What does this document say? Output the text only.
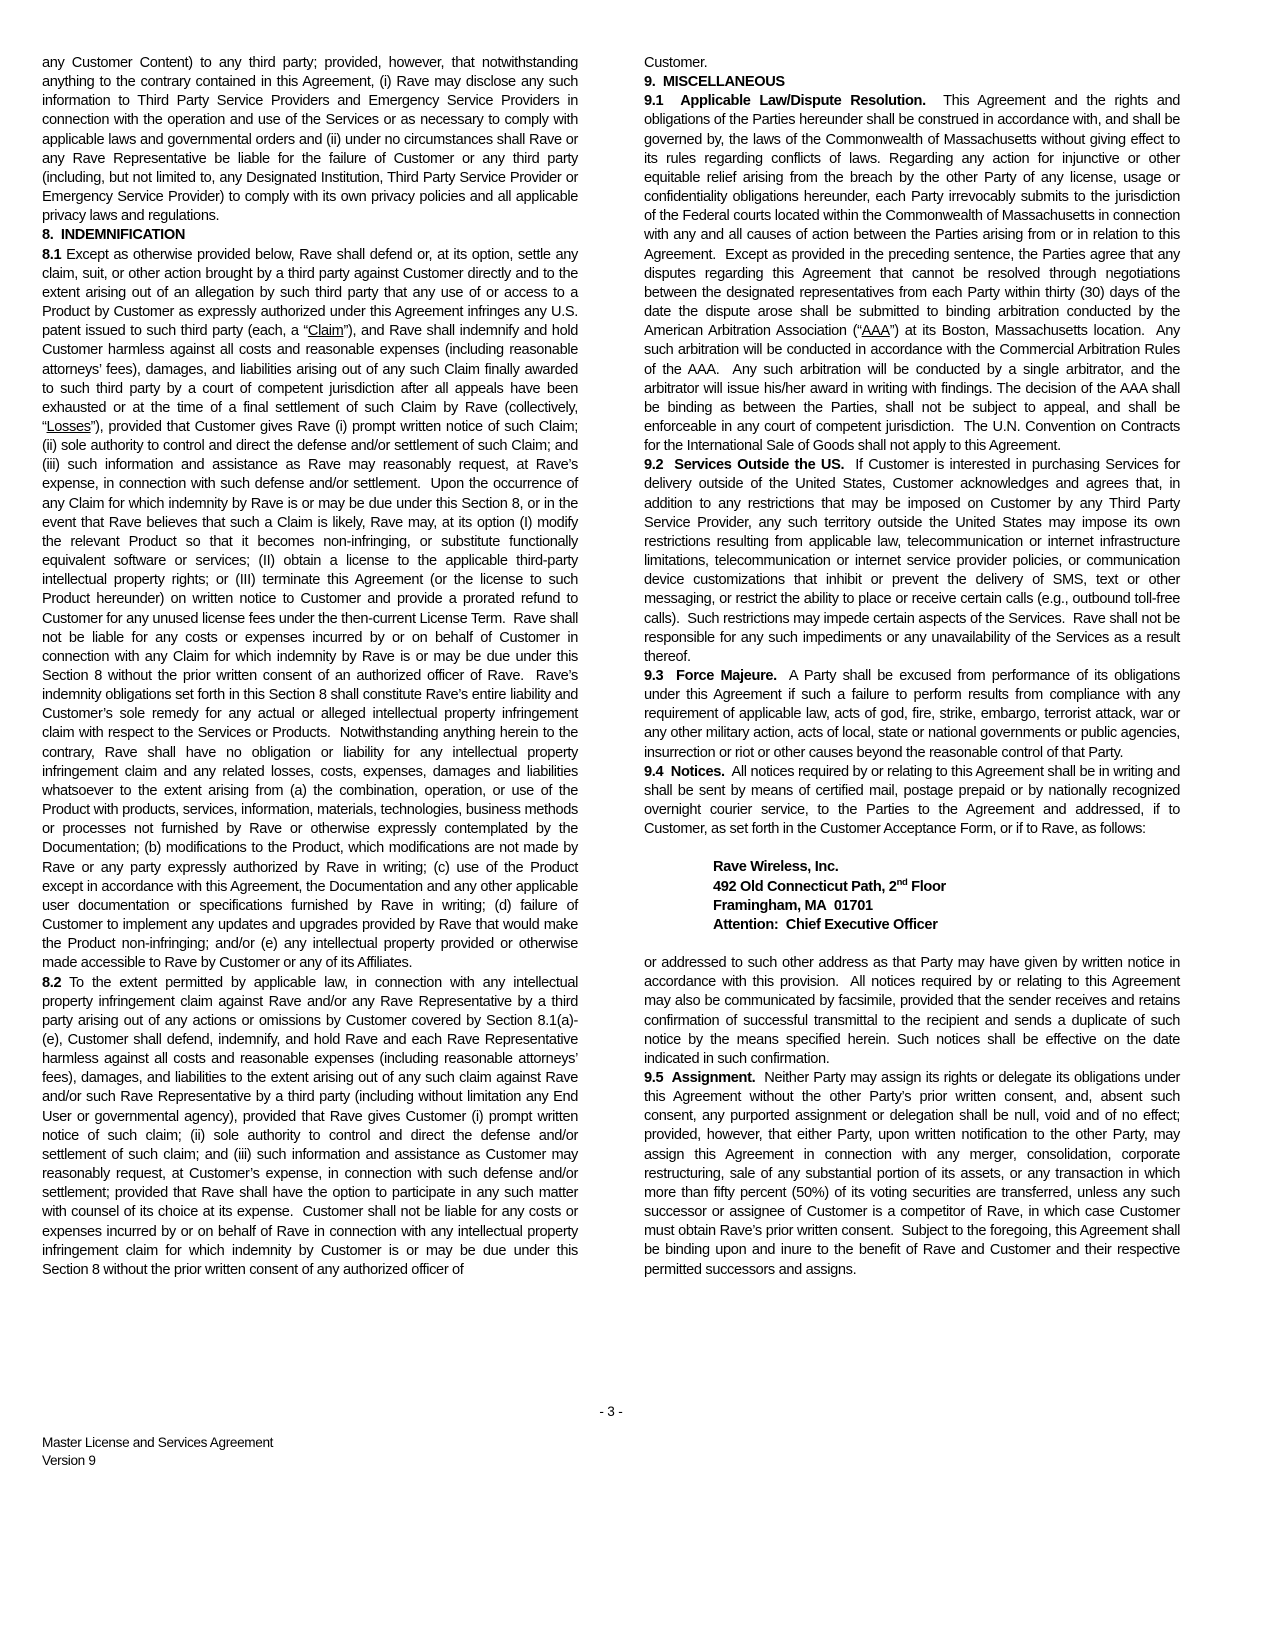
any Customer Content) to any third party; provided, however, that notwithstanding anything to the contrary contained in this Agreement, (i) Rave may disclose any such information to Third Party Service Providers and Emergency Service Providers in connection with the operation and use of the Services or as necessary to comply with applicable laws and governmental orders and (ii) under no circumstances shall Rave or any Rave Representative be liable for the failure of Customer or any third party (including, but not limited to, any Designated Institution, Third Party Service Provider or Emergency Service Provider) to comply with its own privacy policies and all applicable privacy laws and regulations.

8.  INDEMNIFICATION

8.1 Except as otherwise provided below, Rave shall defend or, at its option, settle any claim, suit, or other action brought by a third party against Customer directly and to the extent arising out of an allegation by such third party that any use of or access to a Product by Customer as expressly authorized under this Agreement infringes any U.S. patent issued to such third party (each, a “Claim”), and Rave shall indemnify and hold Customer harmless against all costs and reasonable expenses (including reasonable attorneys’ fees), damages, and liabilities arising out of any such Claim finally awarded to such third party by a court of competent jurisdiction after all appeals have been exhausted or at the time of a final settlement of such Claim by Rave (collectively, “Losses”), provided that Customer gives Rave (i) prompt written notice of such Claim; (ii) sole authority to control and direct the defense and/or settlement of such Claim; and (iii) such information and assistance as Rave may reasonably request, at Rave’s expense, in connection with such defense and/or settlement.  Upon the occurrence of any Claim for which indemnity by Rave is or may be due under this Section 8, or in the event that Rave believes that such a Claim is likely, Rave may, at its option (I) modify the relevant Product so that it becomes non-infringing, or substitute functionally equivalent software or services; (II) obtain a license to the applicable third-party intellectual property rights; or (III) terminate this Agreement (or the license to such Product hereunder) on written notice to Customer and provide a prorated refund to Customer for any unused license fees under the then-current License Term.  Rave shall not be liable for any costs or expenses incurred by or on behalf of Customer in connection with any Claim for which indemnity by Rave is or may be due under this Section 8 without the prior written consent of an authorized officer of Rave.  Rave’s indemnity obligations set forth in this Section 8 shall constitute Rave’s entire liability and Customer’s sole remedy for any actual or alleged intellectual property infringement claim with respect to the Services or Products.  Notwithstanding anything herein to the contrary, Rave shall have no obligation or liability for any intellectual property infringement claim and any related losses, costs, expenses, damages and liabilities whatsoever to the extent arising from (a) the combination, operation, or use of the Product with products, services, information, materials, technologies, business methods or processes not furnished by Rave or otherwise expressly contemplated by the Documentation; (b) modifications to the Product, which modifications are not made by Rave or any party expressly authorized by Rave in writing; (c) use of the Product except in accordance with this Agreement, the Documentation and any other applicable user documentation or specifications furnished by Rave in writing; (d) failure of Customer to implement any updates and upgrades provided by Rave that would make the Product non-infringing; and/or (e) any intellectual property provided or otherwise made accessible to Rave by Customer or any of its Affiliates.

8.2 To the extent permitted by applicable law, in connection with any intellectual property infringement claim against Rave and/or any Rave Representative by a third party arising out of any actions or omissions by Customer covered by Section 8.1(a)-(e), Customer shall defend, indemnify, and hold Rave and each Rave Representative harmless against all costs and reasonable expenses (including reasonable attorneys’ fees), damages, and liabilities to the extent arising out of any such claim against Rave and/or such Rave Representative by a third party (including without limitation any End User or governmental agency), provided that Rave gives Customer (i) prompt written notice of such claim; (ii) sole authority to control and direct the defense and/or settlement of such claim; and (iii) such information and assistance as Customer may reasonably request, at Customer’s expense, in connection with such defense and/or settlement; provided that Rave shall have the option to participate in any such matter with counsel of its choice at its expense.  Customer shall not be liable for any costs or expenses incurred by or on behalf of Rave in connection with any intellectual property infringement claim for which indemnity by Customer is or may be due under this Section 8 without the prior written consent of any authorized officer of

Customer.

9.  MISCELLANEOUS

9.1  Applicable Law/Dispute Resolution.  This Agreement and the rights and obligations of the Parties hereunder shall be construed in accordance with, and shall be governed by, the laws of the Commonwealth of Massachusetts without giving effect to its rules regarding conflicts of laws. Regarding any action for injunctive or other equitable relief arising from the breach by the other Party of any license, usage or confidentiality obligations hereunder, each Party irrevocably submits to the jurisdiction of the Federal courts located within the Commonwealth of Massachusetts in connection with any and all causes of action between the Parties arising from or in relation to this Agreement.  Except as provided in the preceding sentence, the Parties agree that any disputes regarding this Agreement that cannot be resolved through negotiations between the designated representatives from each Party within thirty (30) days of the date the dispute arose shall be submitted to binding arbitration conducted by the American Arbitration Association (“AAA”) at its Boston, Massachusetts location.  Any such arbitration will be conducted in accordance with the Commercial Arbitration Rules of the AAA.  Any such arbitration will be conducted by a single arbitrator, and the arbitrator will issue his/her award in writing with findings. The decision of the AAA shall be binding as between the Parties, shall not be subject to appeal, and shall be enforceable in any court of competent jurisdiction.  The U.N. Convention on Contracts for the International Sale of Goods shall not apply to this Agreement.

9.2  Services Outside the US.  If Customer is interested in purchasing Services for delivery outside of the United States, Customer acknowledges and agrees that, in addition to any restrictions that may be imposed on Customer by any Third Party Service Provider, any such territory outside the United States may impose its own restrictions resulting from applicable law, telecommunication or internet infrastructure limitations, telecommunication or internet service provider policies, or communication device customizations that inhibit or prevent the delivery of SMS, text or other messaging, or restrict the ability to place or receive certain calls (e.g., outbound toll-free calls).  Such restrictions may impede certain aspects of the Services.  Rave shall not be responsible for any such impediments or any unavailability of the Services as a result thereof.

9.3  Force Majeure.  A Party shall be excused from performance of its obligations under this Agreement if such a failure to perform results from compliance with any requirement of applicable law, acts of god, fire, strike, embargo, terrorist attack, war or any other military action, acts of local, state or national governments or public agencies, insurrection or riot or other causes beyond the reasonable control of that Party.

9.4  Notices.  All notices required by or relating to this Agreement shall be in writing and shall be sent by means of certified mail, postage prepaid or by nationally recognized overnight courier service, to the Parties to the Agreement and addressed, if to Customer, as set forth in the Customer Acceptance Form, or if to Rave, as follows:

Rave Wireless, Inc.

492 Old Connecticut Path, 2nd Floor

Framingham, MA  01701

Attention:  Chief Executive Officer

or addressed to such other address as that Party may have given by written notice in accordance with this provision.  All notices required by or relating to this Agreement may also be communicated by facsimile, provided that the sender receives and retains confirmation of successful transmittal to the recipient and sends a duplicate of such notice by the means specified herein. Such notices shall be effective on the date indicated in such confirmation.

9.5  Assignment.  Neither Party may assign its rights or delegate its obligations under this Agreement without the other Party’s prior written consent, and, absent such consent, any purported assignment or delegation shall be null, void and of no effect; provided, however, that either Party, upon written notification to the other Party, may assign this Agreement in connection with any merger, consolidation, corporate restructuring, sale of any substantial portion of its assets, or any transaction in which more than fifty percent (50%) of its voting securities are transferred, unless any such successor or assignee of Customer is a competitor of Rave, in which case Customer must obtain Rave’s prior written consent.  Subject to the foregoing, this Agreement shall be binding upon and inure to the benefit of Rave and Customer and their respective permitted successors and assigns.

- 3 -

Master License and Services Agreement

Version 9
